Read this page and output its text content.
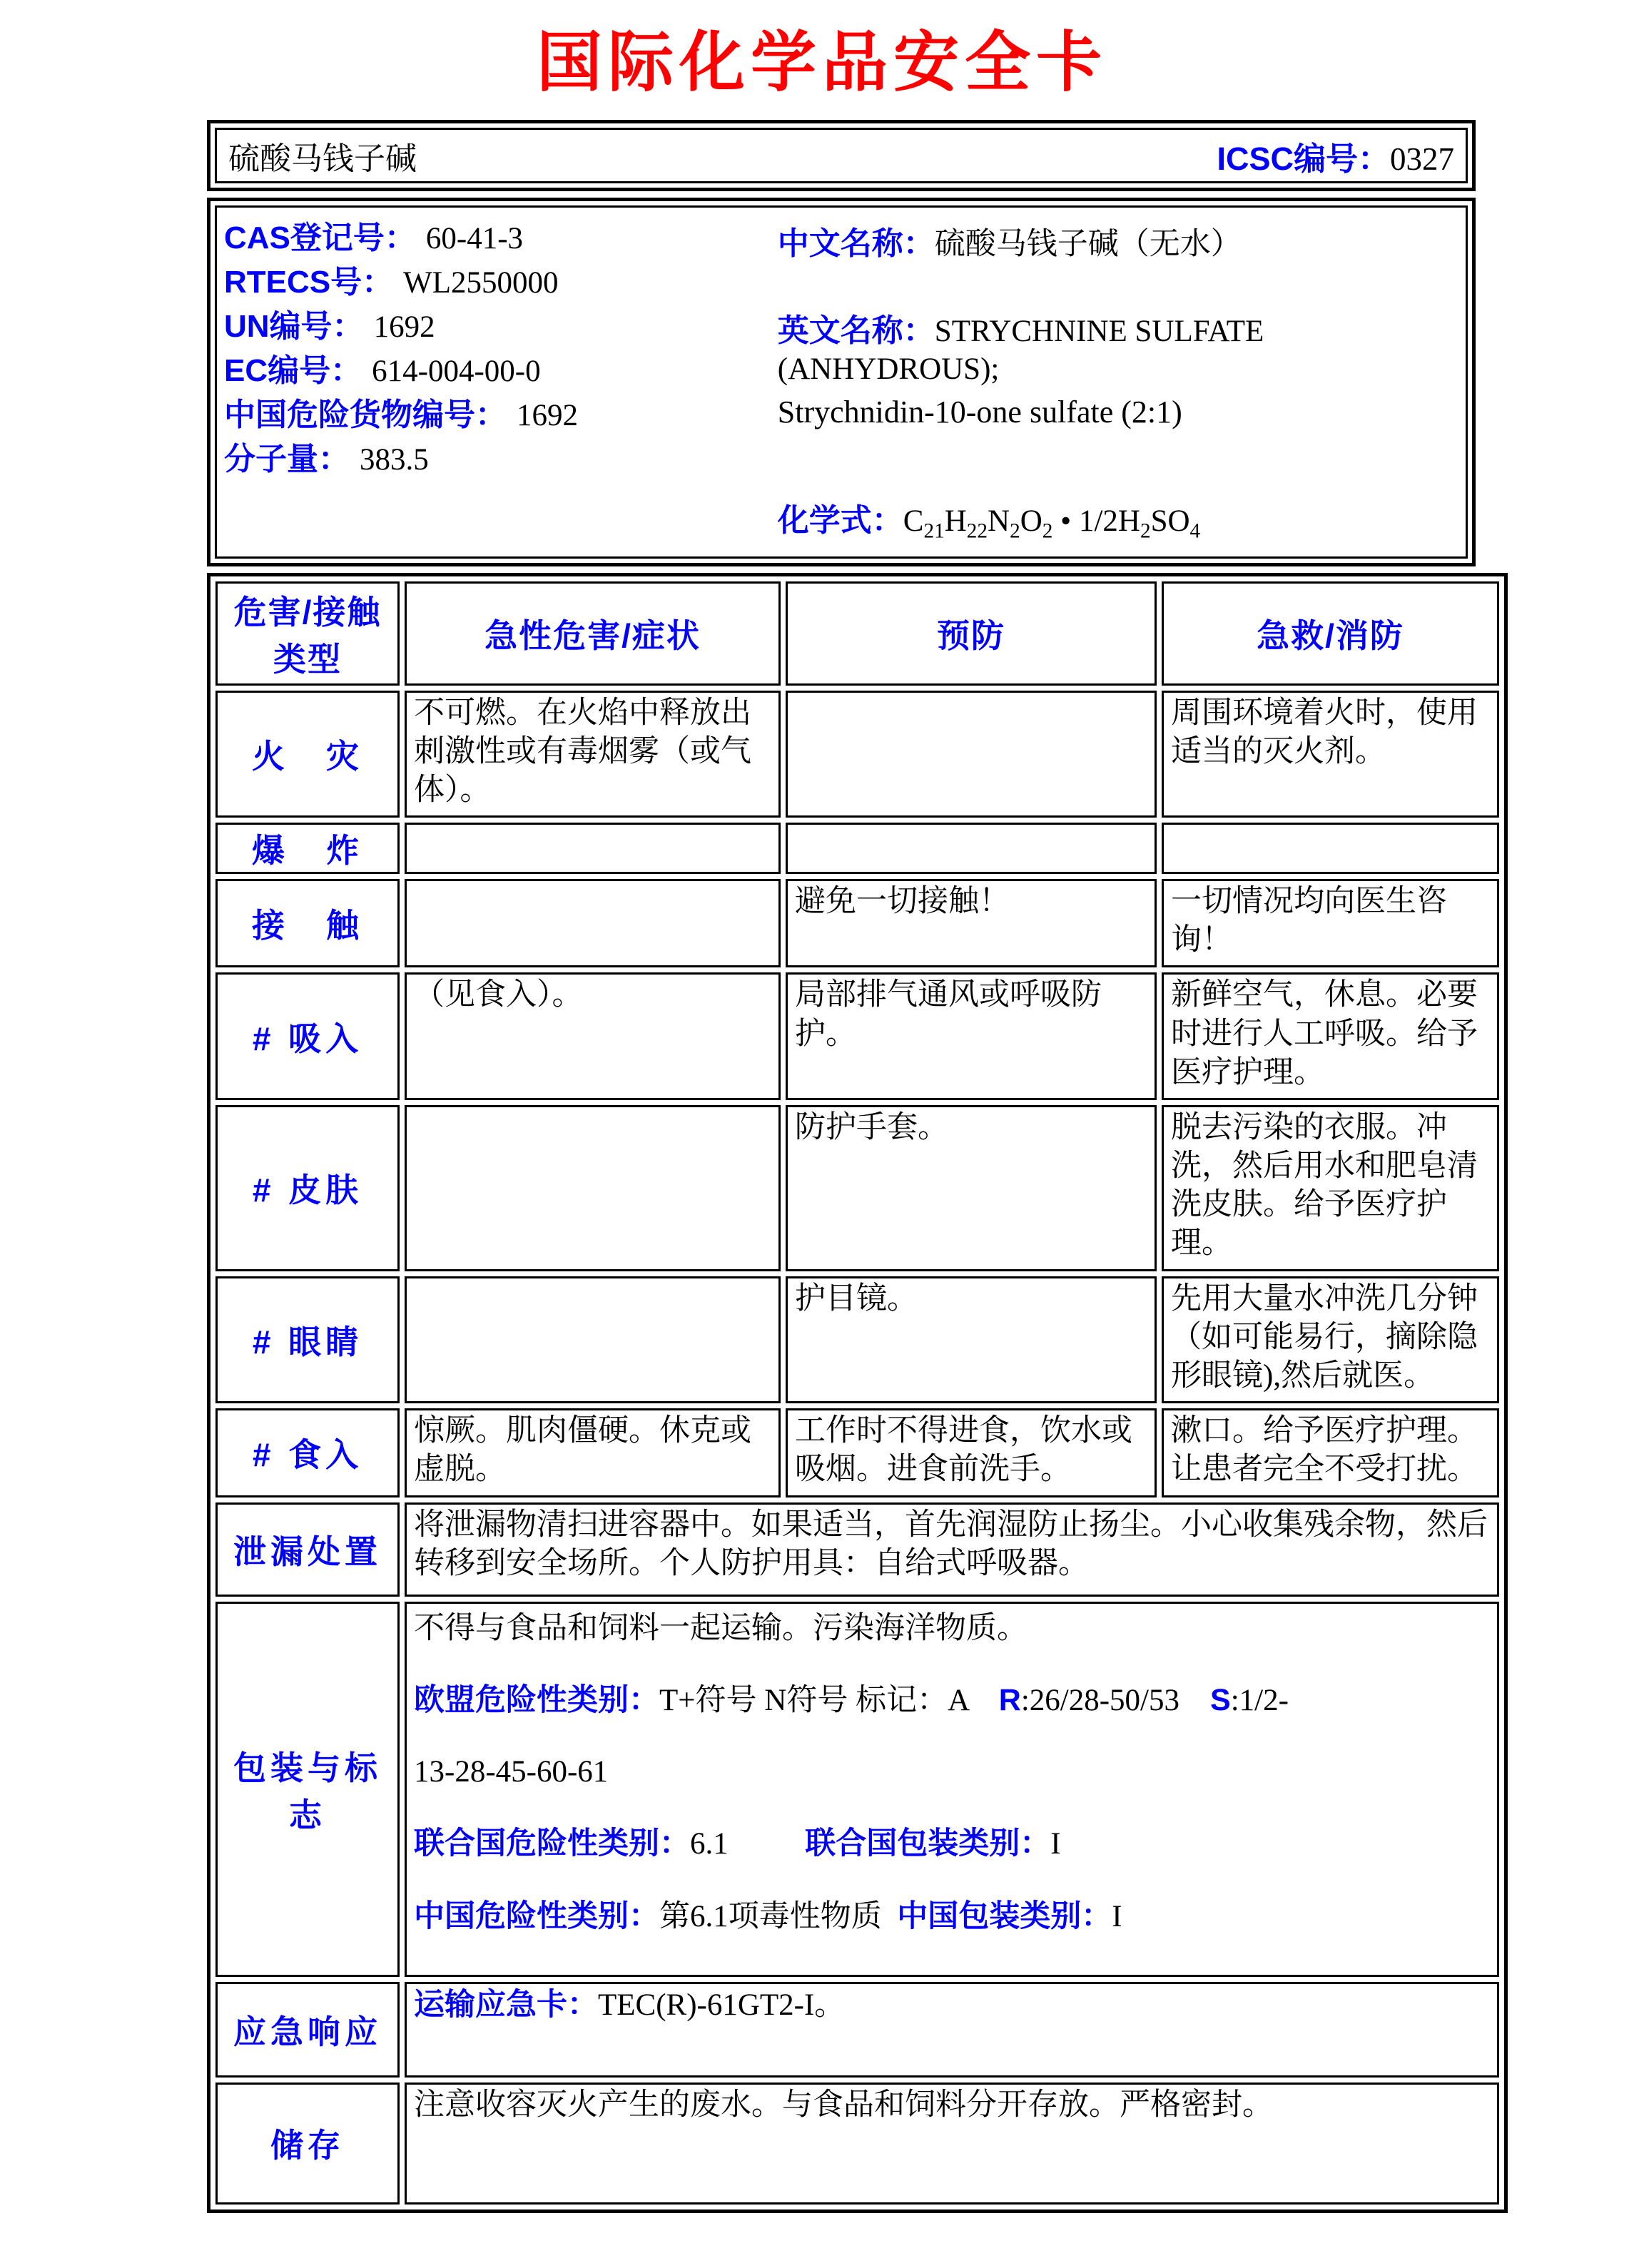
国际化学品安全卡
硫酸马钱子碱	ICSC编号：0327
CAS登记号： 60-41-3
RTECS号： WL2550000
UN编号： 1692
EC编号： 614-004-00-0
中国危险货物编号： 1692
分子量： 383.5
中文名称：硫酸马钱子碱（无水）
英文名称：STRYCHNINE SULFATE (ANHYDROUS);
Strychnidin-10-one sulfate (2:1)
化学式：$C_{21}H_{22}N_2O_2$ • $1/2H_2SO_4$
危害/接触类型	急性危害/症状	预防	急救/消防
火　灾	不可燃。在火焰中释放出刺激性或有毒烟雾（或气体）。		周围环境着火时，使用适当的灭火剂。
爆　炸			
接　触		避免一切接触！	一切情况均向医生咨询！
# 吸入	（见食入）。	局部排气通风或呼吸防护。	新鲜空气，休息。必要时进行人工呼吸。给予医疗护理。
# 皮肤		防护手套。	脱去污染的衣服。冲洗，然后用水和肥皂清洗皮肤。给予医疗护理。
# 眼睛		护目镜。	先用大量水冲洗几分钟（如可能易行，摘除隐形眼镜),然后就医。
# 食入	惊厥。肌肉僵硬。休克或虚脱。	工作时不得进食，饮水或吸烟。进食前洗手。	漱口。给予医疗护理。让患者完全不受打扰。
泄漏处置	将泄漏物清扫进容器中。如果适当，首先润湿防止扬尘。小心收集残余物，然后转移到安全场所。个人防护用具：自给式呼吸器。		

包装与标志	不得与食品和饲料一起运输。污染海洋物质。

欧盟危险性类别：T+符号 N符号 标记：A    R:26/28-50/53    S:1/2-

13-28-45-60-61

联合国危险性类别：6.1          联合国包装类别：I

中国危险性类别：第6.1项毒性物质  中国包装类别：I		

应急响应	运输应急卡：TEC(R)-61GT2-I。		

储存	注意收容灭火产生的废水。与食品和饲料分开存放。严格密封。		
